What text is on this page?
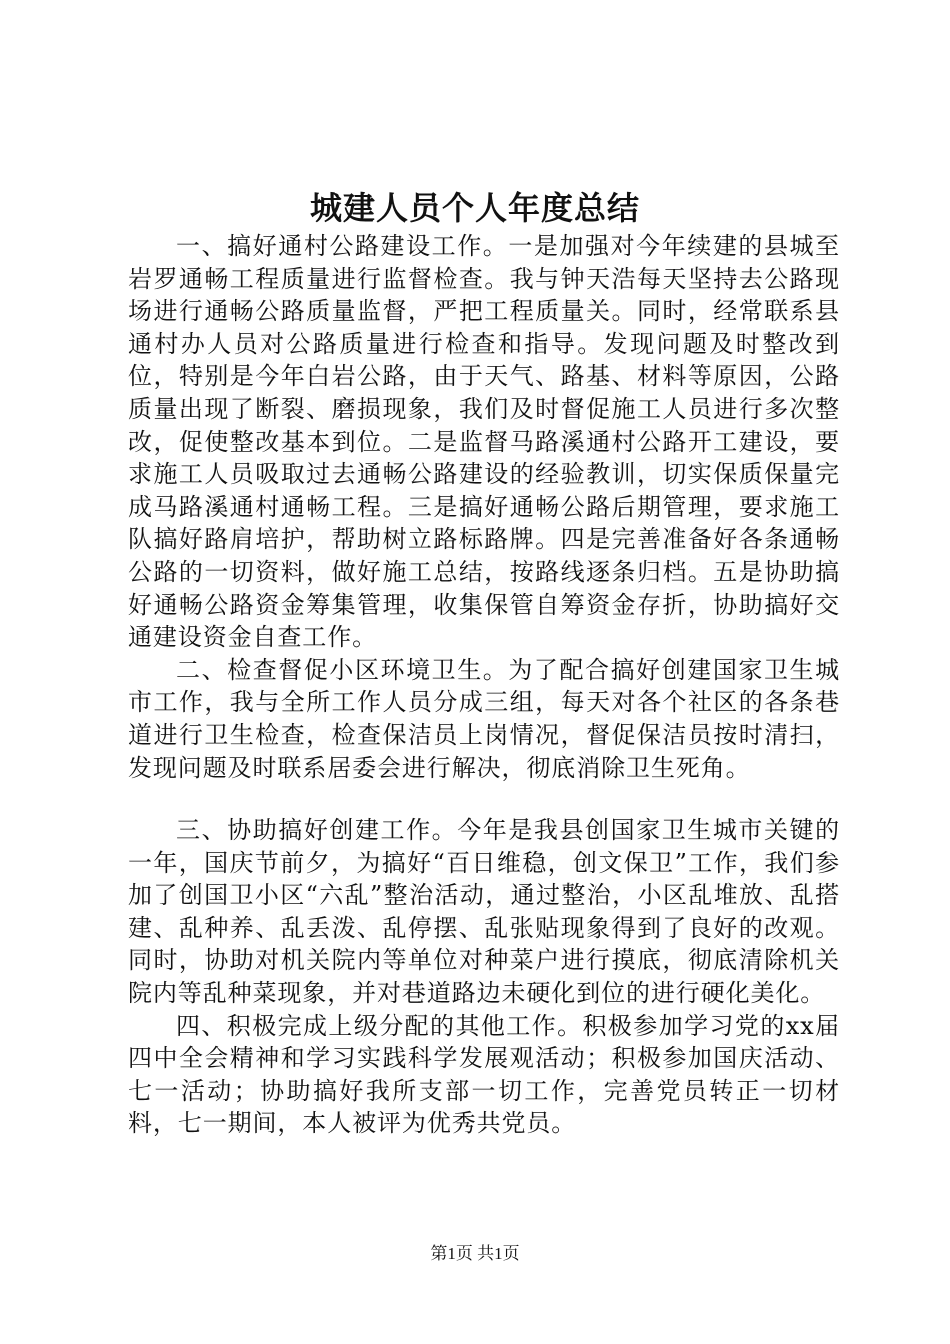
城建人员个人年度总结

一、搞好通村公路建设工作。一是加强对今年续建的县城至岩罗通畅工程质量进行监督检查。我与钟天浩每天坚持去公路现场进行通畅公路质量监督，严把工程质量关。同时，经常联系县通村办人员对公路质量进行检查和指导。发现问题及时整改到位，特别是今年白岩公路，由于天气、路基、材料等原因，公路质量出现了断裂、磨损现象，我们及时督促施工人员进行多次整改，促使整改基本到位。二是监督马路溪通村公路开工建设，要求施工人员吸取过去通畅公路建设的经验教训，切实保质保量完成马路溪通村通畅工程。三是搞好通畅公路后期管理，要求施工队搞好路肩培护，帮助树立路标路牌。四是完善准备好各条通畅公路的一切资料，做好施工总结，按路线逐条归档。五是协助搞好通畅公路资金筹集管理，收集保管自筹资金存折，协助搞好交通建设资金自查工作。

二、检查督促小区环境卫生。为了配合搞好创建国家卫生城市工作，我与全所工作人员分成三组，每天对各个社区的各条巷道进行卫生检查，检查保洁员上岗情况，督促保洁员按时清扫，发现问题及时联系居委会进行解决，彻底消除卫生死角。

三、协助搞好创建工作。今年是我县创国家卫生城市关键的一年，国庆节前夕，为搞好“百日维稳，创文保卫”工作，我们参加了创国卫小区“六乱”整治活动，通过整治，小区乱堆放、乱搭建、乱种养、乱丢泼、乱停摆、乱张贴现象得到了良好的改观。同时，协助对机关院内等单位对种菜户进行摸底，彻底清除机关院内等乱种菜现象，并对巷道路边未硬化到位的进行硬化美化。

四、积极完成上级分配的其他工作。积极参加学习党的xx届四中全会精神和学习实践科学发展观活动；积极参加国庆活动、七一活动；协助搞好我所支部一切工作，完善党员转正一切材料，七一期间，本人被评为优秀共党员。

第1页 共1页
